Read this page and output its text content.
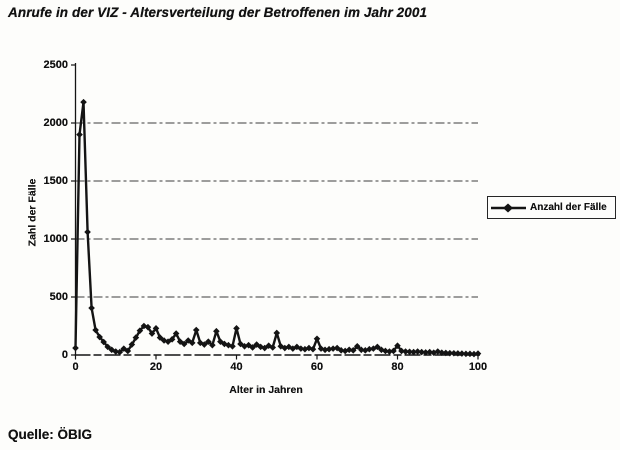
Anrufe in der VIZ - Altersverteilung der Betroffenen im Jahr 2001
Zahl der Fälle
Alter in Jahren
Anzahl der Fälle
Quelle: ÖBIG
0
500
1000
1500
2000
2500
0	20	40	60	80	100
